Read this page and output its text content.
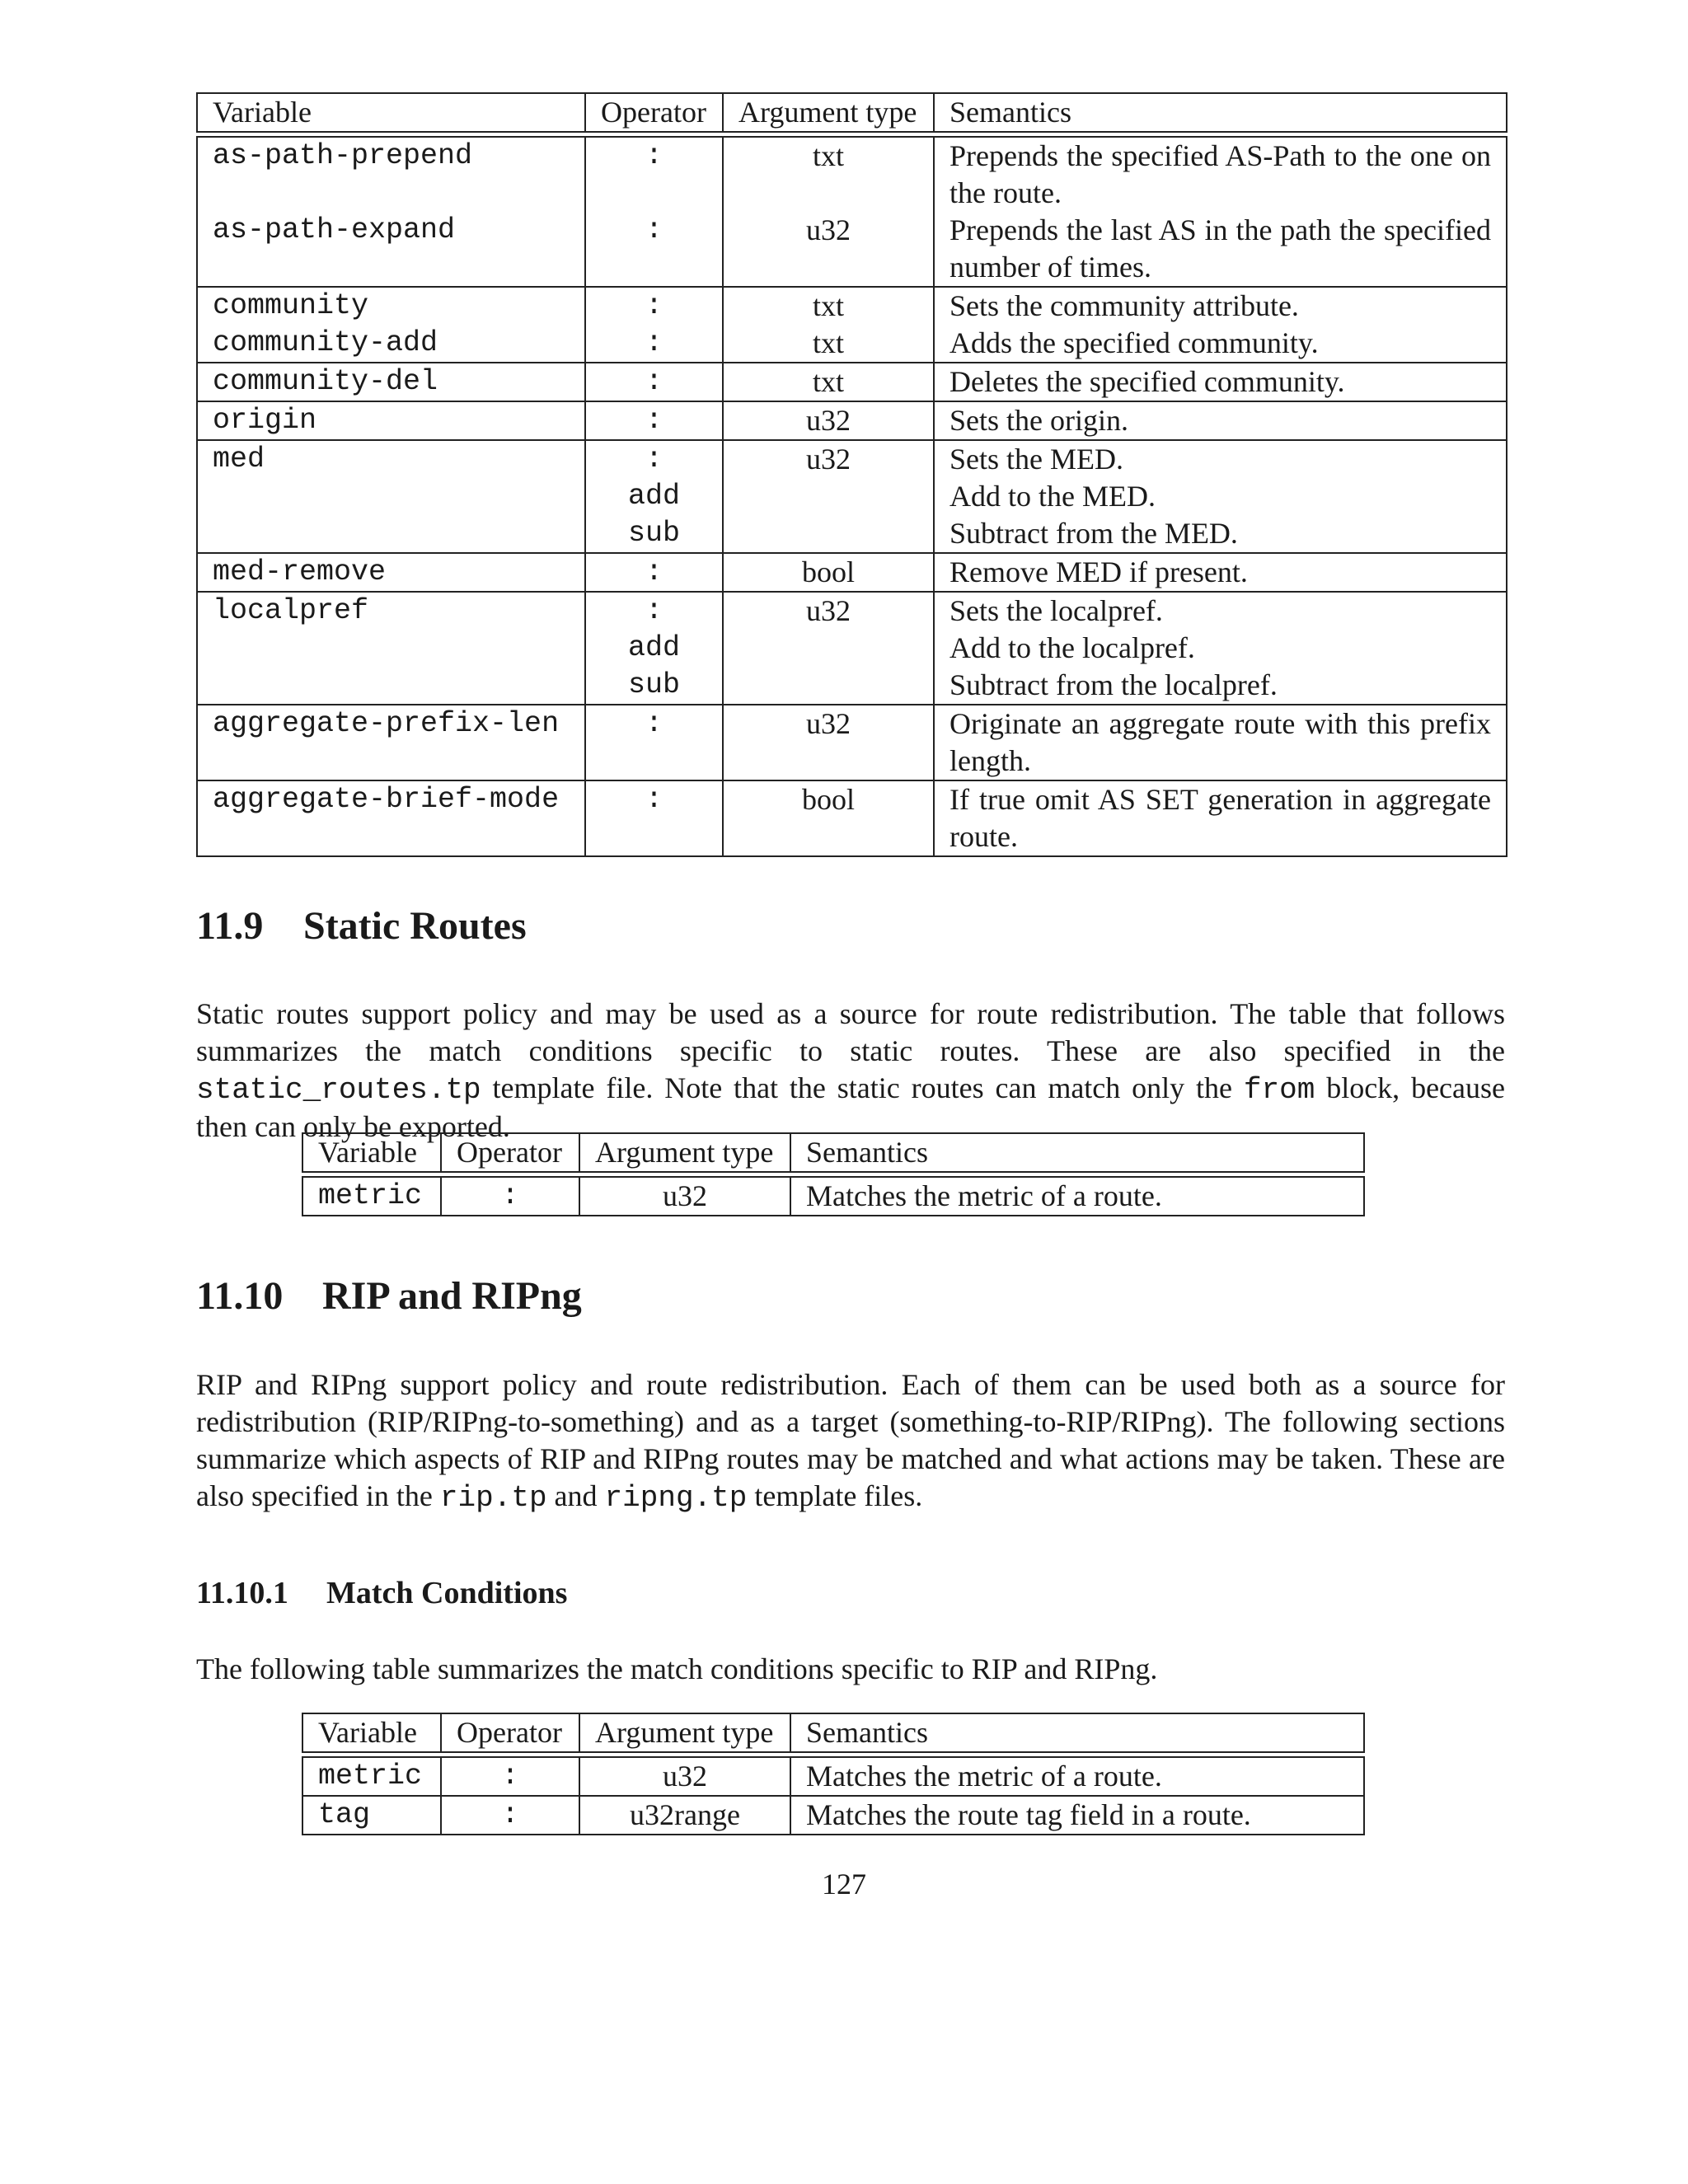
Variable	Operator	Argument type	Semantics

as-path-prepend	:	txt	Prepends the specified AS-Path to the one on the route.
as-path-expand	:	u32	Prepends the last AS in the path the specified number of times.
community	:	txt	Sets the community attribute.
community-add	:	txt	Adds the specified community.
community-del	:	txt	Deletes the specified community.
origin	:	u32	Sets the origin.
med	:	u32	Sets the MED.
	add		Add to the MED.
	sub		Subtract from the MED.
med-remove	:	bool	Remove MED if present.
localpref	:	u32	Sets the localpref.
	add		Add to the localpref.
	sub		Subtract from the localpref.
aggregate-prefix-len	:	u32	Originate an aggregate route with this prefix length.
aggregate-brief-mode	:	bool	If true omit AS SET generation in aggregate route.
11.9 Static Routes

Static routes support policy and may be used as a source for route redistribution. The table that follows summarizes the match conditions specific to static routes. These are also specified in the static_routes.tp template file. Note that the static routes can match only the from block, because then can only be exported.

Variable	Operator	Argument type	Semantics

metric	:	u32	Matches the metric of a route.
11.10 RIP and RIPng

RIP and RIPng support policy and route redistribution. Each of them can be used both as a source for redistribution (RIP/RIPng-to-something) and as a target (something-to-RIP/RIPng). The following sections summarize which aspects of RIP and RIPng routes may be matched and what actions may be taken. These are also specified in the rip.tp and ripng.tp template files.

11.10.1 Match Conditions

The following table summarizes the match conditions specific to RIP and RIPng.

Variable	Operator	Argument type	Semantics

metric	:	u32	Matches the metric of a route.
tag	:	u32range	Matches the route tag field in a route.
127
